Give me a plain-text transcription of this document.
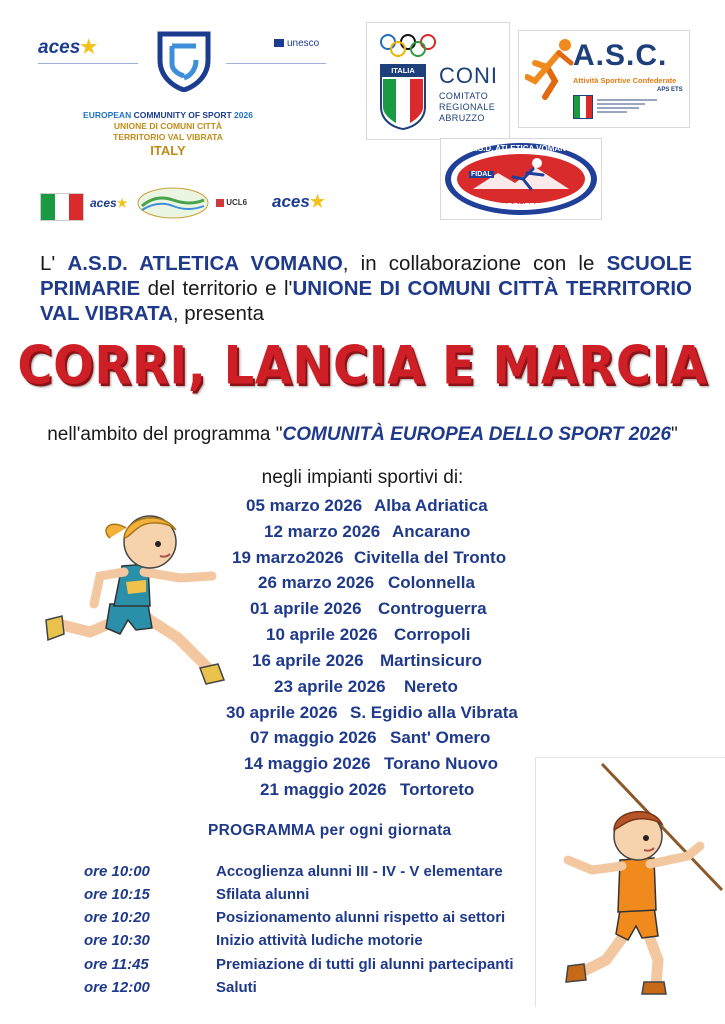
aces★	unesco
EUROPEAN COMMUNITY OF SPORT 2026
UNIONE DI COMUNI CITTÀ
TERRITORIO VAL VIBRATA
ITALY
aces★	UCL6 aces★
ITALIA	CONI
COMITATO
REGIONALE
ABRUZZO
A.S.C.
Attività Sportive Confederate
APS ETS
A.S.D. ATLETICA VOMANO
FIDAL
ABRUZZO
L' A.S.D. ATLETICA VOMANO, in collaborazione con le SCUOLE PRIMARIE del territorio e l'UNIONE DI COMUNI CITTÀ TERRITORIO VAL VIBRATA, presenta
CORRI, LANCIA E MARCIA
nell'ambito del programma "COMUNITÀ EUROPEA DELLO SPORT 2026"
negli impianti sportivi di:
05 marzo 2026 Alba Adriatica
12 marzo 2026 Ancarano
19 marzo2026 Civitella del Tronto
26 marzo 2026 Colonnella
01 aprile 2026 Controguerra
10 aprile 2026 Corropoli
16 aprile 2026 Martinsicuro
23 aprile 2026 Nereto
30 aprile 2026 S. Egidio alla Vibrata
07 maggio 2026 Sant' Omero
14 maggio 2026 Torano Nuovo
21 maggio 2026 Tortoreto
PROGRAMMA per ogni giornata
ore 10:00	Accoglienza alunni III - IV - V elementare
ore 10:15	Sfilata alunni
ore 10:20	Posizionamento alunni rispetto ai settori
ore 10:30	Inizio attività ludiche motorie
ore 11:45	Premiazione di tutti gli alunni partecipanti
ore 12:00	Saluti
